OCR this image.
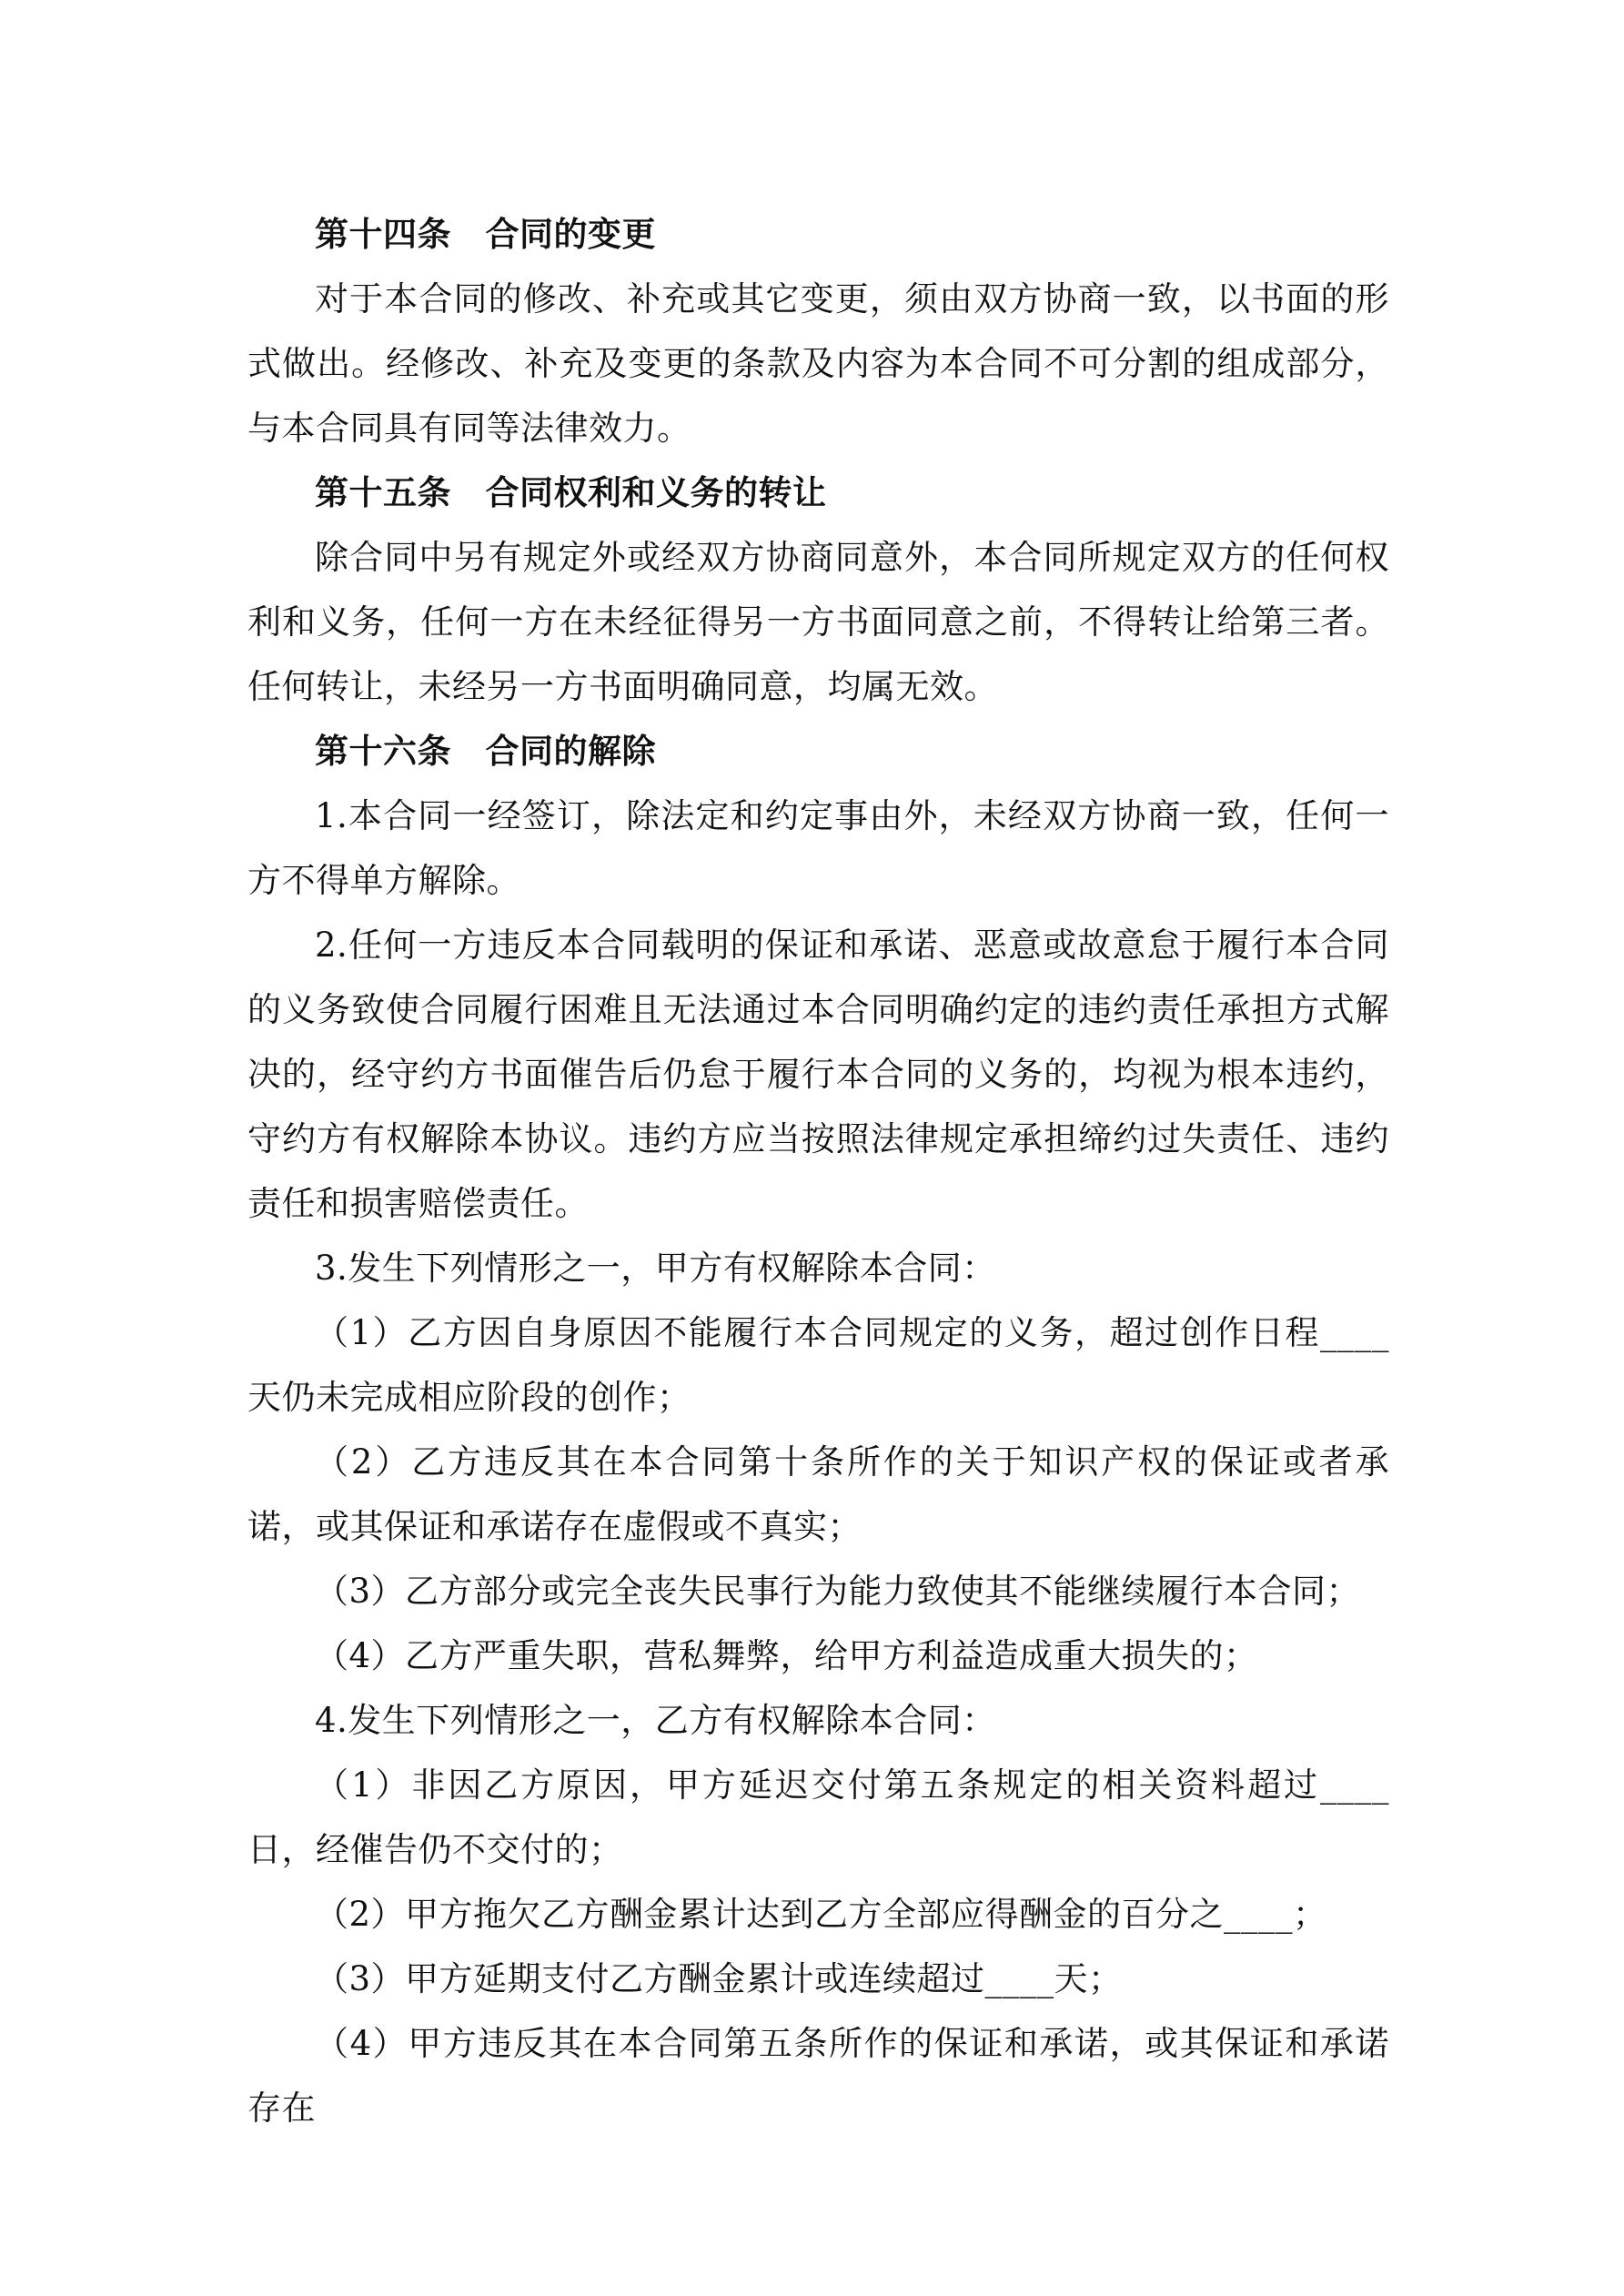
第十四条　合同的变更

对于本合同的修改、补充或其它变更，须由双方协商一致，以书面的形式做出。经修改、补充及变更的条款及内容为本合同不可分割的组成部分，与本合同具有同等法律效力。

第十五条　合同权利和义务的转让

除合同中另有规定外或经双方协商同意外，本合同所规定双方的任何权利和义务，任何一方在未经征得另一方书面同意之前，不得转让给第三者。任何转让，未经另一方书面明确同意，均属无效。

第十六条　合同的解除

1.本合同一经签订，除法定和约定事由外，未经双方协商一致，任何一方不得单方解除。

2.任何一方违反本合同载明的保证和承诺、恶意或故意怠于履行本合同的义务致使合同履行困难且无法通过本合同明确约定的违约责任承担方式解决的，经守约方书面催告后仍怠于履行本合同的义务的，均视为根本违约，守约方有权解除本协议。违约方应当按照法律规定承担缔约过失责任、违约责任和损害赔偿责任。

3.发生下列情形之一，甲方有权解除本合同：

（1）乙方因自身原因不能履行本合同规定的义务，超过创作日程____天仍未完成相应阶段的创作；

（2）乙方违反其在本合同第十条所作的关于知识产权的保证或者承诺，或其保证和承诺存在虚假或不真实；

（3）乙方部分或完全丧失民事行为能力致使其不能继续履行本合同；

（4）乙方严重失职，营私舞弊，给甲方利益造成重大损失的；

4.发生下列情形之一，乙方有权解除本合同：

（1）非因乙方原因，甲方延迟交付第五条规定的相关资料超过____日，经催告仍不交付的；

（2）甲方拖欠乙方酬金累计达到乙方全部应得酬金的百分之____；

（3）甲方延期支付乙方酬金累计或连续超过____天；

（4）甲方违反其在本合同第五条所作的保证和承诺，或其保证和承诺存在
